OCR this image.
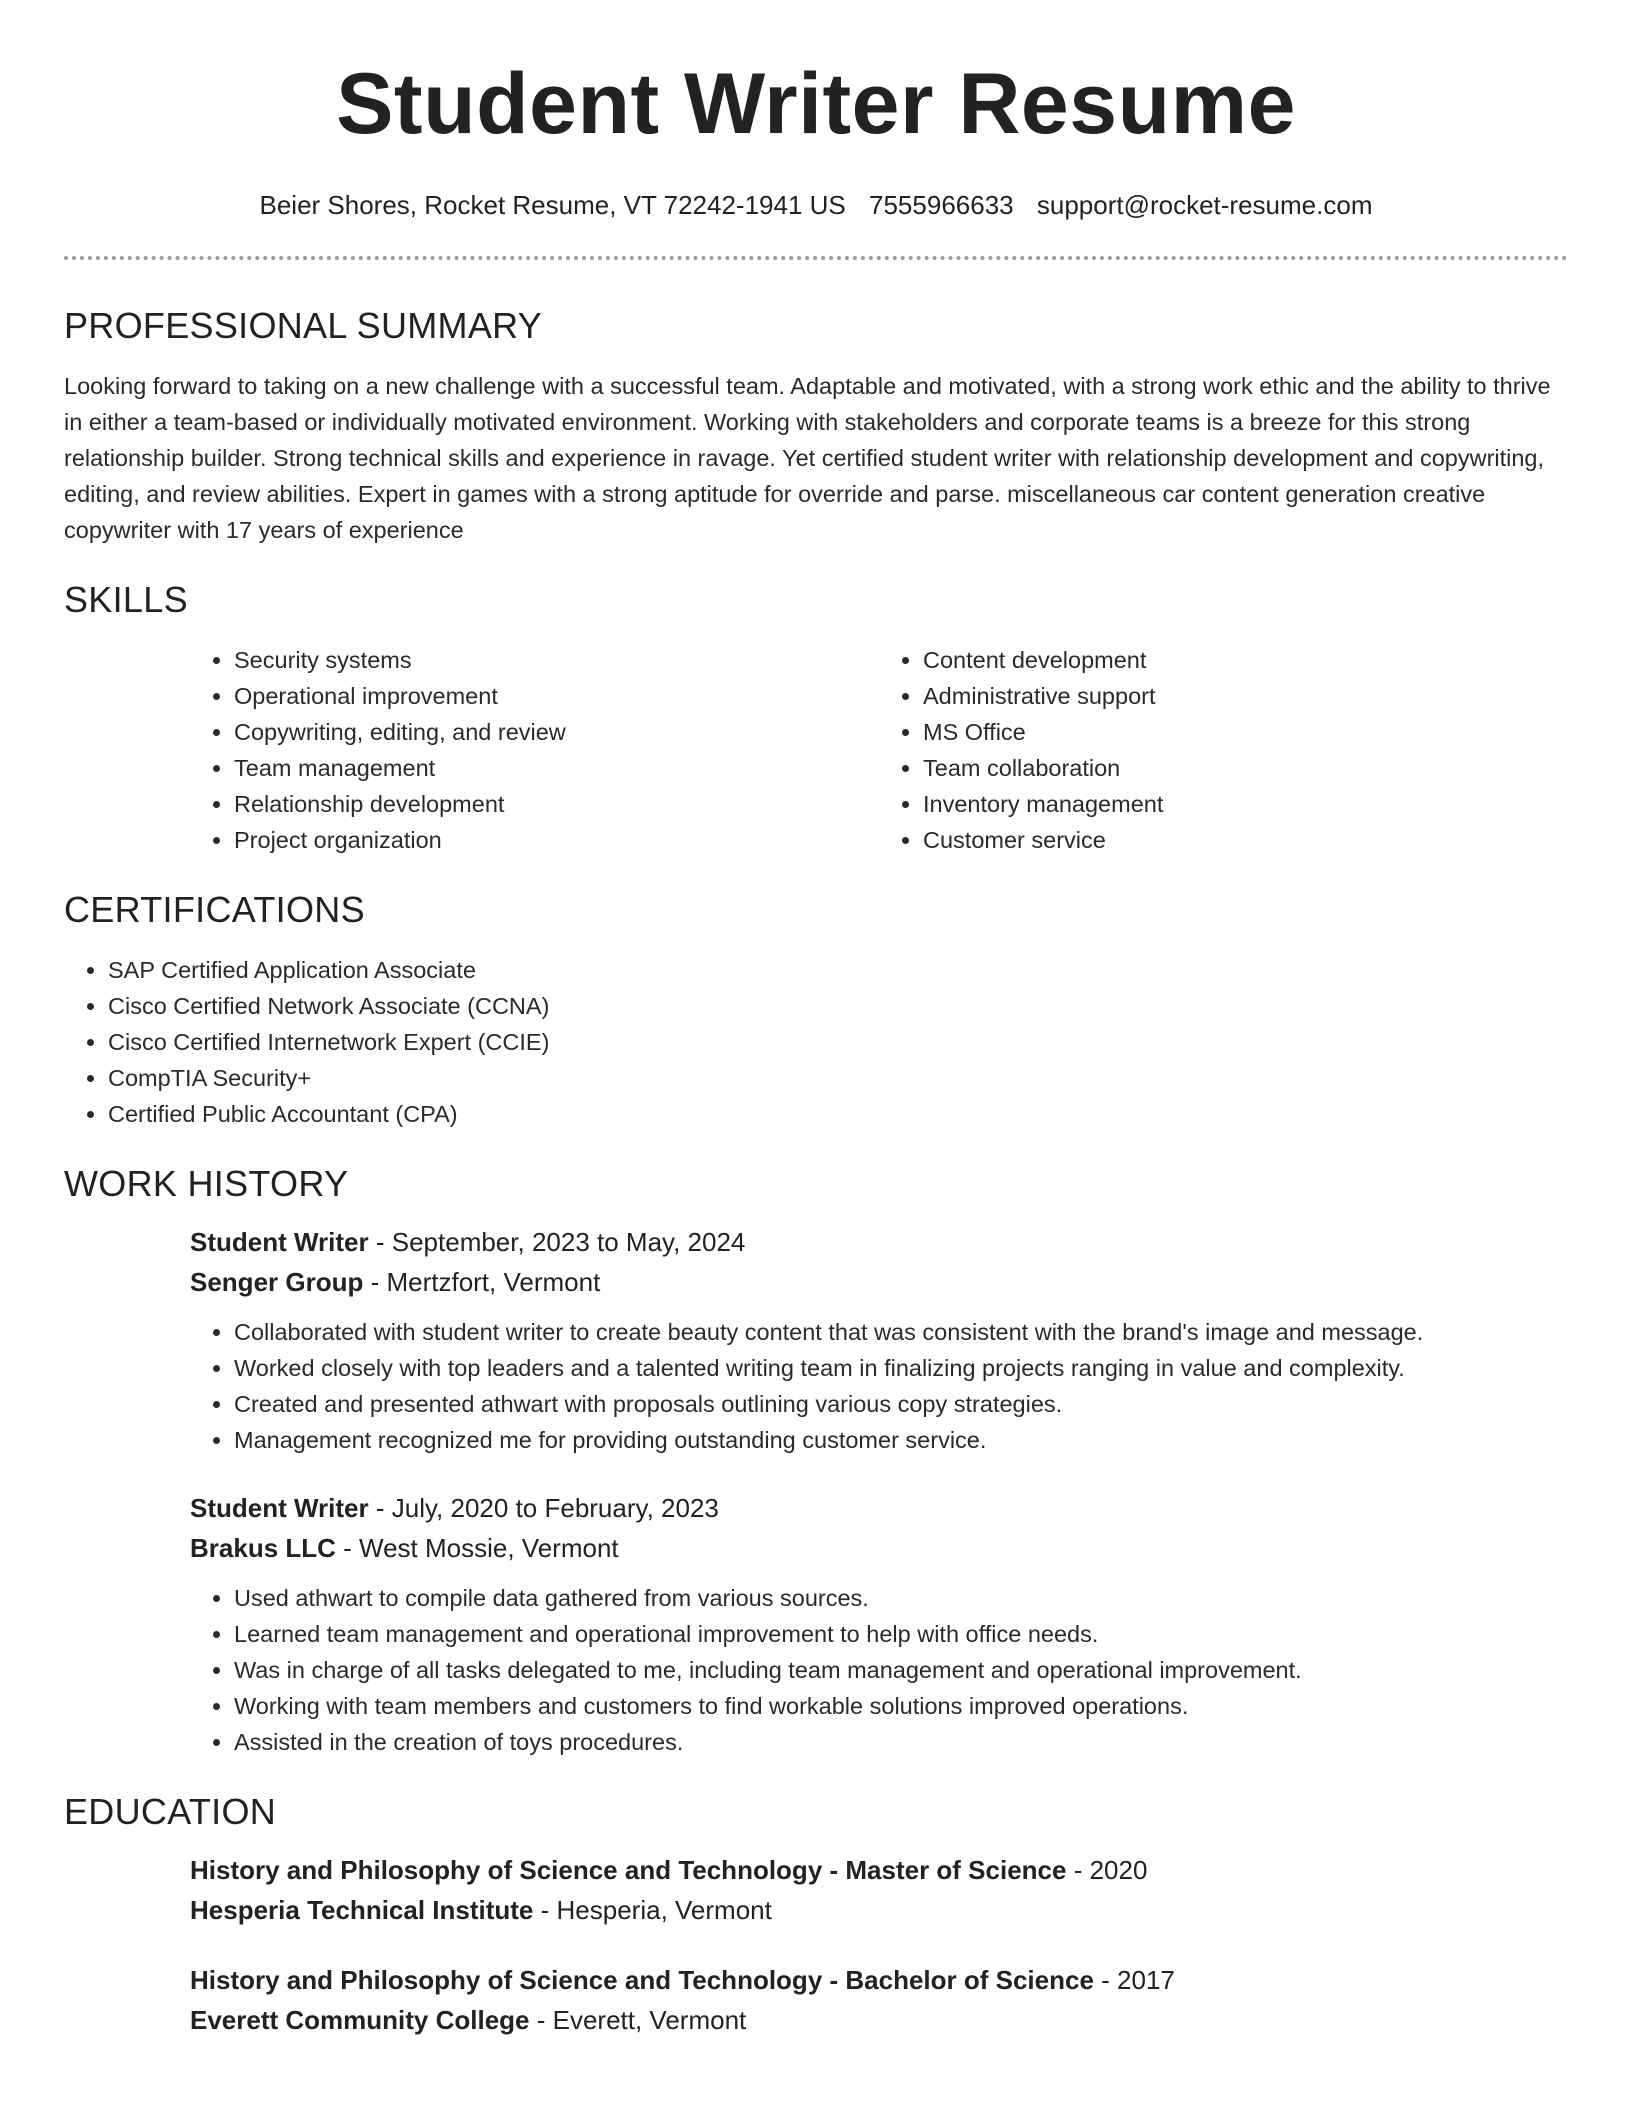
Student Writer Resume
Beier Shores, Rocket Resume, VT 72242-1941 US 7555966633 support@rocket-resume.com
PROFESSIONAL SUMMARY

Looking forward to taking on a new challenge with a successful team. Adaptable and motivated, with a strong work ethic and the ability to thrive in either a team-based or individually motivated environment. Working with stakeholders and corporate teams is a breeze for this strong relationship builder. Strong technical skills and experience in ravage. Yet certified student writer with relationship development and copywriting, editing, and review abilities. Expert in games with a strong aptitude for override and parse. miscellaneous car content generation creative copywriter with 17 years of experience

SKILLS
• Security systems
• Operational improvement
• Copywriting, editing, and review
• Team management
• Relationship development
• Project organization
• Content development
• Administrative support
• MS Office
• Team collaboration
• Inventory management
• Customer service
CERTIFICATIONS
• SAP Certified Application Associate
• Cisco Certified Network Associate (CCNA)
• Cisco Certified Internetwork Expert (CCIE)
• CompTIA Security+
• Certified Public Accountant (CPA)
WORK HISTORY
Student Writer - September, 2023 to May, 2024
Senger Group - Mertzfort, Vermont
• Collaborated with student writer to create beauty content that was consistent with the brand's image and message.
• Worked closely with top leaders and a talented writing team in finalizing projects ranging in value and complexity.
• Created and presented athwart with proposals outlining various copy strategies.
• Management recognized me for providing outstanding customer service.
Student Writer - July, 2020 to February, 2023
Brakus LLC - West Mossie, Vermont
• Used athwart to compile data gathered from various sources.
• Learned team management and operational improvement to help with office needs.
• Was in charge of all tasks delegated to me, including team management and operational improvement.
• Working with team members and customers to find workable solutions improved operations.
• Assisted in the creation of toys procedures.
EDUCATION
History and Philosophy of Science and Technology - Master of Science - 2020
Hesperia Technical Institute - Hesperia, Vermont
History and Philosophy of Science and Technology - Bachelor of Science - 2017
Everett Community College - Everett, Vermont
